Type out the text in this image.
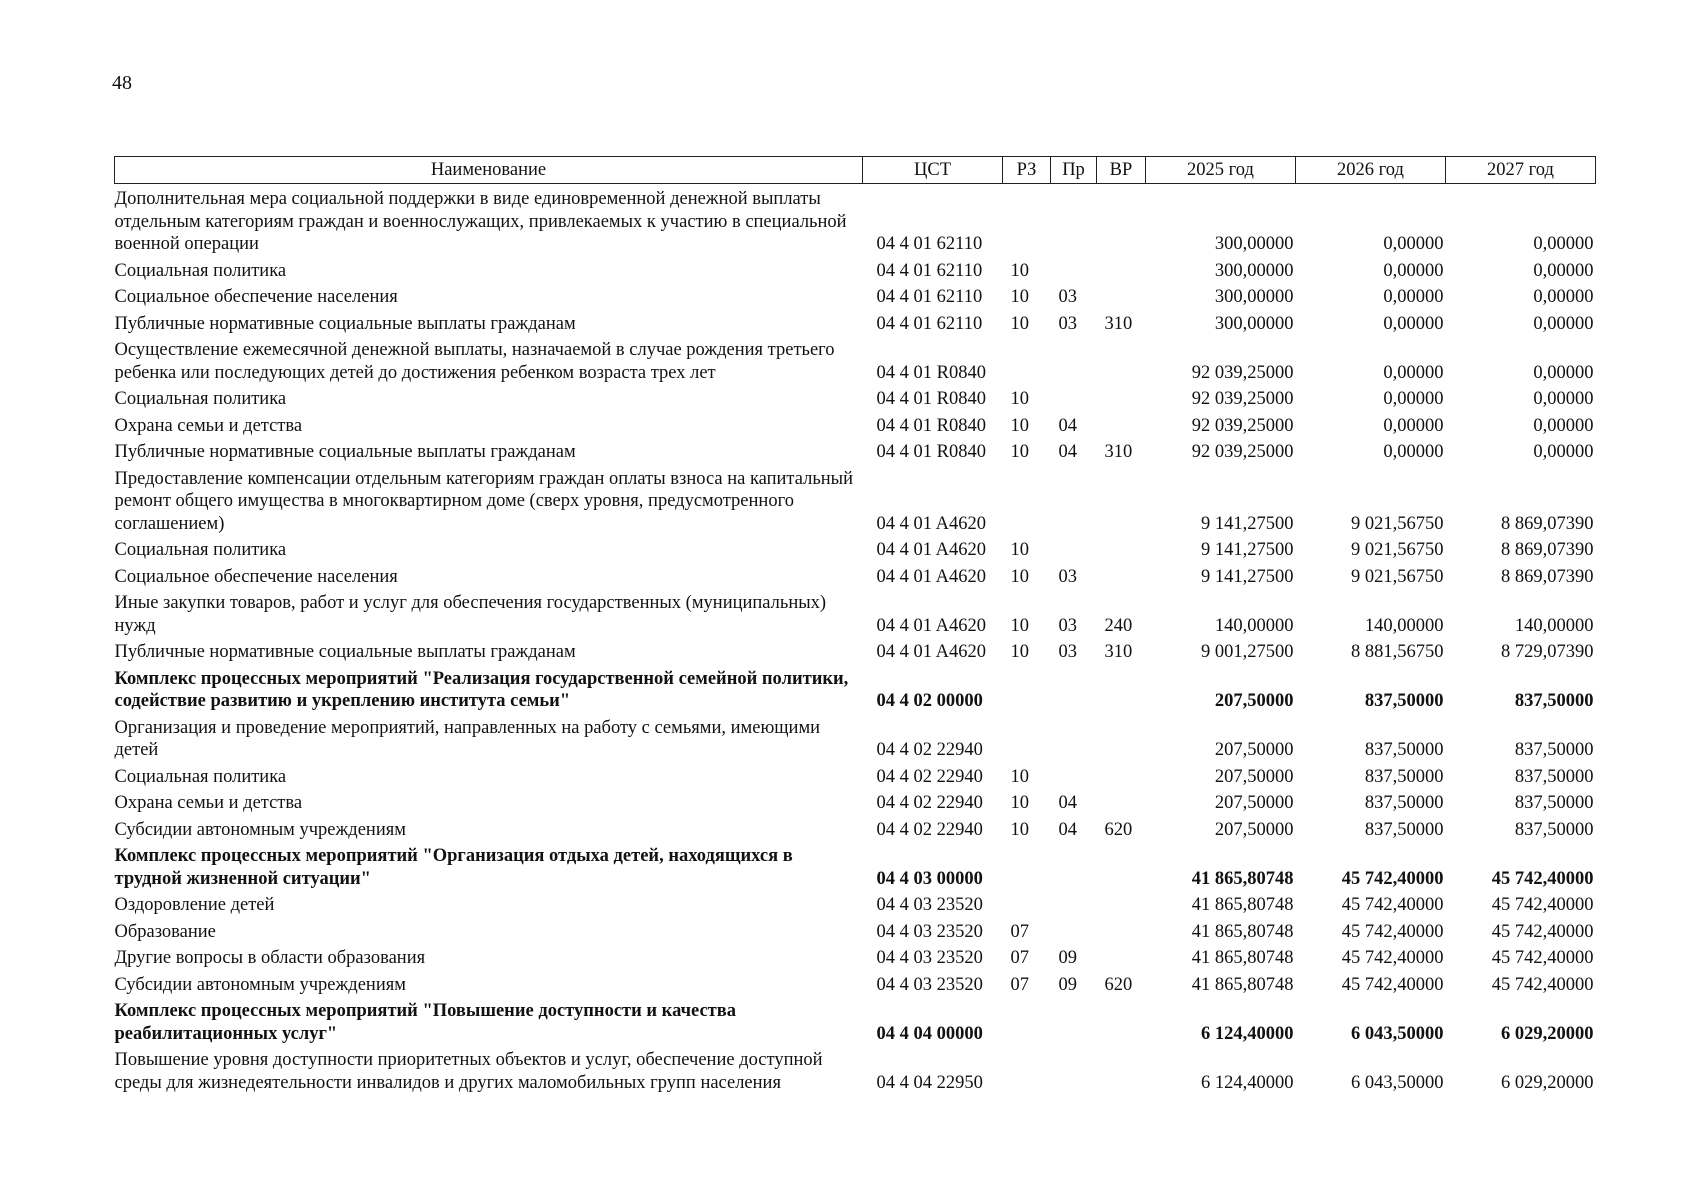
48
Наименование	ЦСТ	РЗ	Пр	ВР	2025 год	2026 год	2027 год
Дополнительная мера социальной поддержки в виде единовременной денежной выплаты отдельным категориям граждан и военнослужащих, привлекаемых к участию в специальной военной операции	04 4 01 62110				300,00000	0,00000	0,00000
Социальная политика	04 4 01 62110	10			300,00000	0,00000	0,00000
Социальное обеспечение населения	04 4 01 62110	10	03		300,00000	0,00000	0,00000
Публичные нормативные социальные выплаты гражданам	04 4 01 62110	10	03	310	300,00000	0,00000	0,00000
Осуществление ежемесячной денежной выплаты, назначаемой в случае рождения третьего ребенка или последующих детей до достижения ребенком возраста трех лет	04 4 01 R0840				92 039,25000	0,00000	0,00000
Социальная политика	04 4 01 R0840	10			92 039,25000	0,00000	0,00000
Охрана семьи и детства	04 4 01 R0840	10	04		92 039,25000	0,00000	0,00000
Публичные нормативные социальные выплаты гражданам	04 4 01 R0840	10	04	310	92 039,25000	0,00000	0,00000
Предоставление компенсации отдельным категориям граждан оплаты взноса на капитальный ремонт общего имущества в многоквартирном доме (сверх уровня, предусмотренного соглашением)	04 4 01 A4620				9 141,27500	9 021,56750	8 869,07390
Социальная политика	04 4 01 A4620	10			9 141,27500	9 021,56750	8 869,07390
Социальное обеспечение населения	04 4 01 A4620	10	03		9 141,27500	9 021,56750	8 869,07390
Иные закупки товаров, работ и услуг для обеспечения государственных (муниципальных) нужд	04 4 01 A4620	10	03	240	140,00000	140,00000	140,00000
Публичные нормативные социальные выплаты гражданам	04 4 01 A4620	10	03	310	9 001,27500	8 881,56750	8 729,07390
Комплекс процессных мероприятий "Реализация государственной семейной политики, содействие развитию и укреплению института семьи"	04 4 02 00000				207,50000	837,50000	837,50000
Организация и проведение мероприятий, направленных на работу с семьями, имеющими детей	04 4 02 22940				207,50000	837,50000	837,50000
Социальная политика	04 4 02 22940	10			207,50000	837,50000	837,50000
Охрана семьи и детства	04 4 02 22940	10	04		207,50000	837,50000	837,50000
Субсидии автономным учреждениям	04 4 02 22940	10	04	620	207,50000	837,50000	837,50000
Комплекс процессных мероприятий "Организация отдыха детей, находящихся в трудной жизненной ситуации"	04 4 03 00000				41 865,80748	45 742,40000	45 742,40000
Оздоровление детей	04 4 03 23520				41 865,80748	45 742,40000	45 742,40000
Образование	04 4 03 23520	07			41 865,80748	45 742,40000	45 742,40000
Другие вопросы в области образования	04 4 03 23520	07	09		41 865,80748	45 742,40000	45 742,40000
Субсидии автономным учреждениям	04 4 03 23520	07	09	620	41 865,80748	45 742,40000	45 742,40000
Комплекс процессных мероприятий "Повышение доступности и качества реабилитационных услуг"	04 4 04 00000				6 124,40000	6 043,50000	6 029,20000
Повышение уровня доступности приоритетных объектов и услуг, обеспечение доступной среды для жизнедеятельности инвалидов и других маломобильных групп населения	04 4 04 22950				6 124,40000	6 043,50000	6 029,20000
